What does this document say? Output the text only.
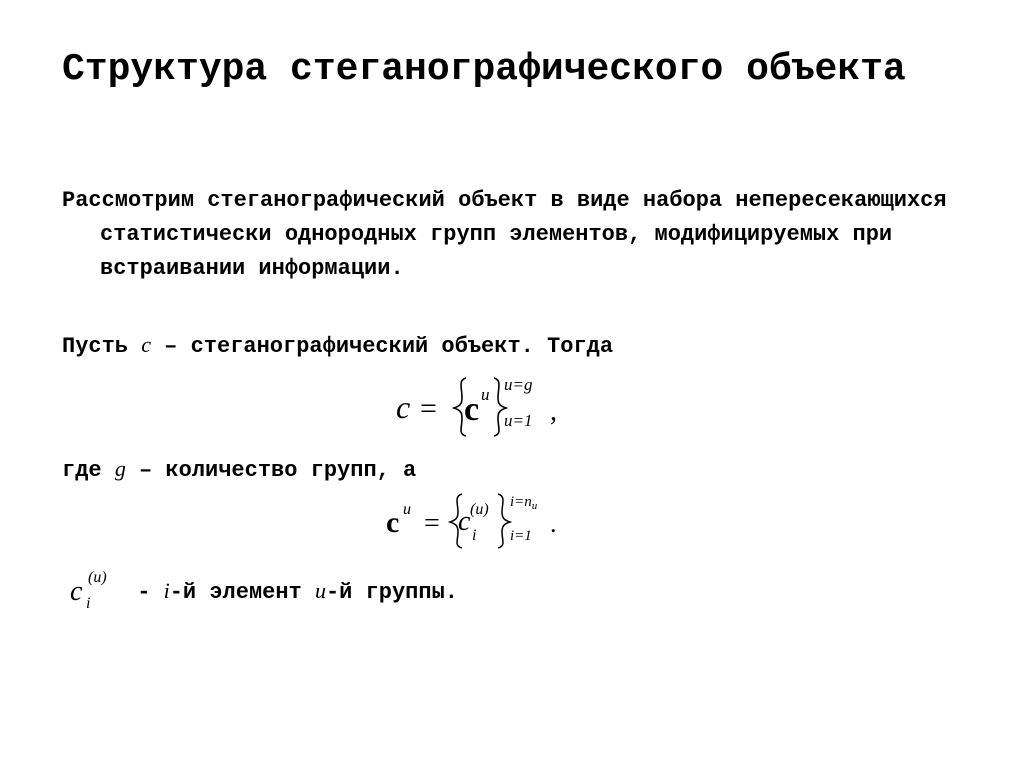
Структура стеганографического объекта

Рассмотрим стеганографический объект в виде набора непересекающихся статистически однородных групп элементов, модифицируемых при встраивании информации.

Пусть c – стеганографический объект. Тогда

c = c u
u=g
u=1 ,

где g – количество групп, а

c u = c (u)
i
$i=n_u$
i=1 .
c (u)
i - i-й элемент u-й группы.
